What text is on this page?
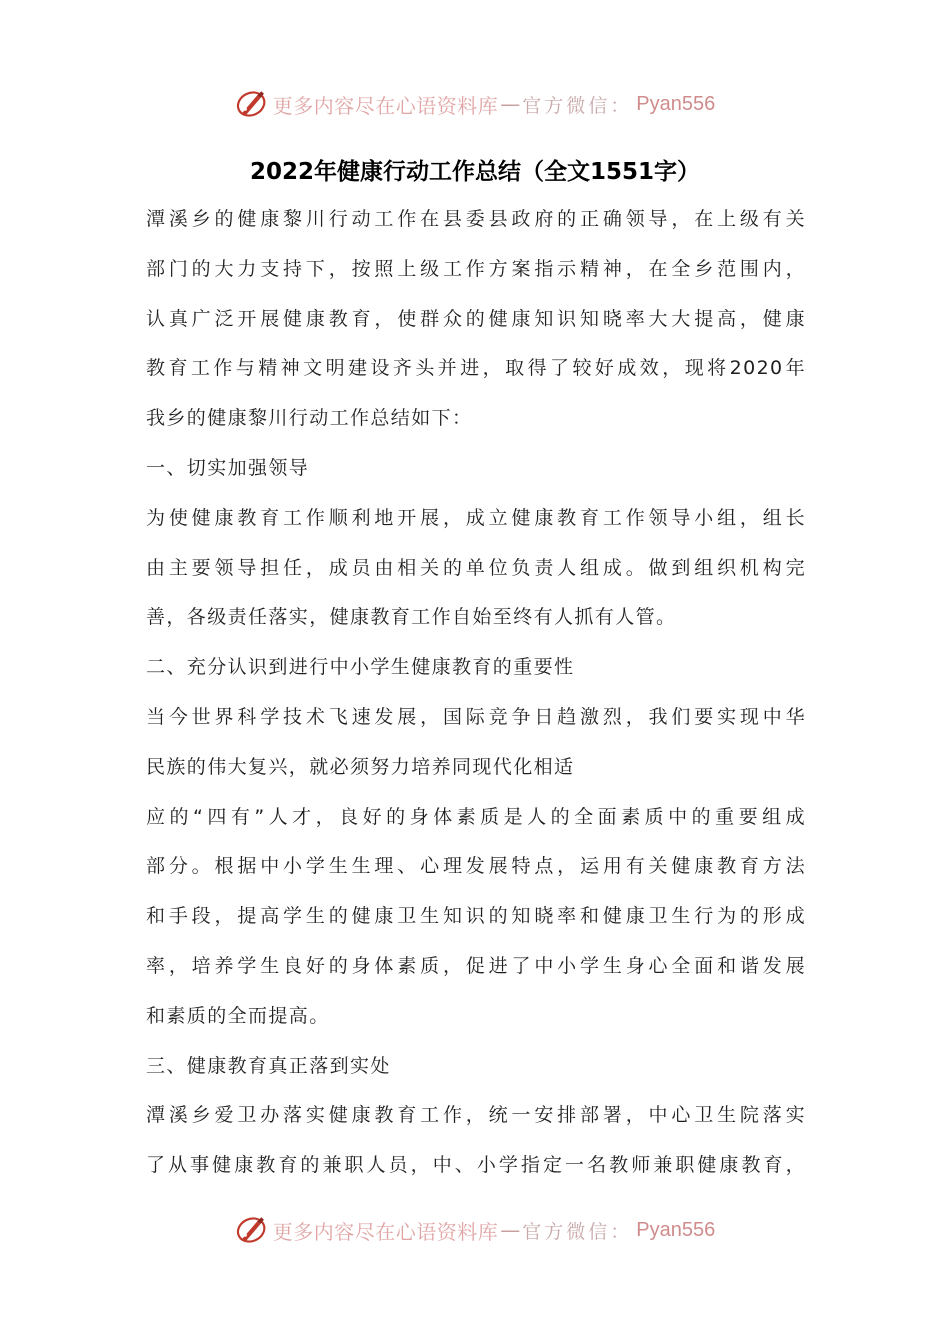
更多内容尽在心语资料库 — 官方微信： Pyan556
2022年健康行动工作总结（全文1551字）
潭溪乡的健康黎川行动工作在县委县政府的正确领导，在上级有关
部门的大力支持下，按照上级工作方案指示精神，在全乡范围内，
认真广泛开展健康教育，使群众的健康知识知晓率大大提高，健康
教育工作与精神文明建设齐头并进，取得了较好成效，现将2020年
我乡的健康黎川行动工作总结如下：
一、切实加强领导
为使健康教育工作顺利地开展，成立健康教育工作领导小组，组长
由主要领导担任，成员由相关的单位负责人组成。做到组织机构完
善，各级责任落实，健康教育工作自始至终有人抓有人管。
二、充分认识到进行中小学生健康教育的重要性
当今世界科学技术飞速发展，国际竞争日趋激烈，我们要实现中华
民族的伟大复兴，就必须努力培养同现代化相适
应的“四有”人才，良好的身体素质是人的全面素质中的重要组成
部分。根据中小学生生理、心理发展特点，运用有关健康教育方法
和手段，提高学生的健康卫生知识的知晓率和健康卫生行为的形成
率，培养学生良好的身体素质，促进了中小学生身心全面和谐发展
和素质的全而提高。
三、健康教育真正落到实处
潭溪乡爱卫办落实健康教育工作，统一安排部署，中心卫生院落实
了从事健康教育的兼职人员，中、小学指定一名教师兼职健康教育，
更多内容尽在心语资料库 — 官方微信： Pyan556
